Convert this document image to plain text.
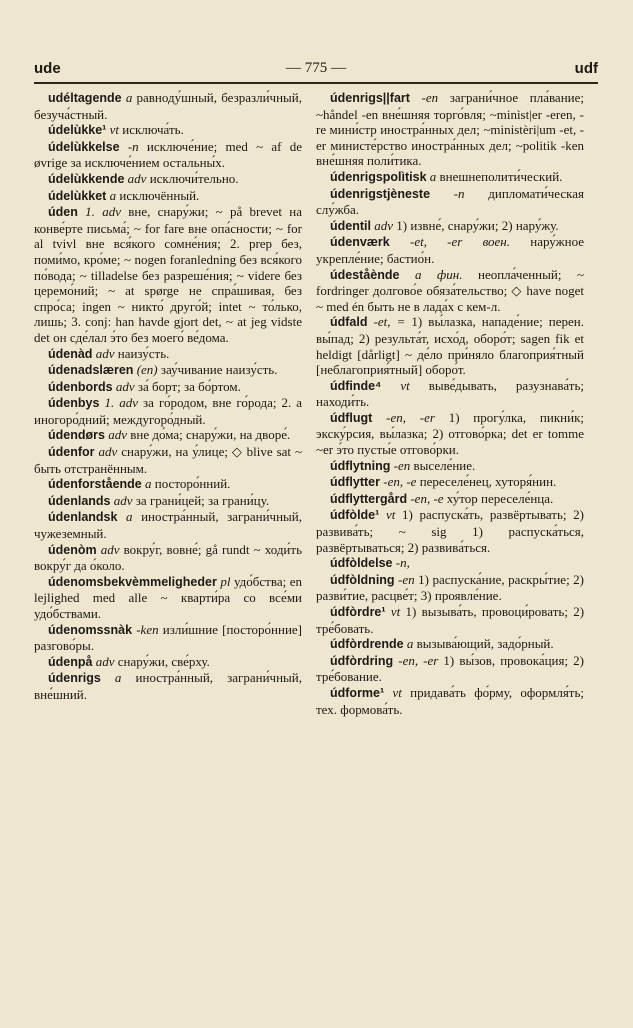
ude	— 775 —	udf
udéltagende a равноду́шный, безразли́чный, безуча́стный.
údelùkke¹ vt исключа́ть.
údelùkkelse -n исключе́ние; med ~ af de øvrige за исключе́нием остальны́х.
údelùkkende adv исключи́тельно.
údelùkket a исключённый.
úden 1. adv вне, снару́жи; ~ på brevet на конве́рте письма́; ~ for fare вне опа́сности; ~ for al tvivl вне вся́кого сомне́ния; 2. prep без, поми́мо, кро́ме; ~ nogen foranledning без вся́кого по́вода; ~ tilladelse без разреше́ния; ~ videre без церемо́ний; ~ at spørge не спра́шивая, без спро́са; ingen ~ никто́ друго́й; intet ~ то́лько, лишь; 3. conj: han havde gjort det, ~ at jeg vidste det он сде́лал э́то без моего́ ве́дома.
údenàd adv наизу́сть.
údenadslæren (en) зау́чивание наизу́сть.
údenbords adv за́ борт; за бо́ртом.
údenbys 1. adv за го́родом, вне го́рода; 2. a иногоро́дний; междугоро́дный.
údendørs adv вне до́ма; снару́жи, на дворе́.
údenfor adv снару́жи, на у́лице; ◇ blive sat ~ быть отстранённым.
údenforstående a посторо́нний.
údenlands adv за грани́цей; за грани́цу.
údenlandsk a иностра́нный, заграни́чный, чужеземный.
údenòm adv вокру́г, вовне́; gå rundt ~ ходи́ть вокру́г да о́коло.
údenomsbekvèmmeligheder pl удо́бства; en lejlighed med alle ~ кварти́ра со все́ми удо́бствами.
údenomssnàk -ken изли́шние [посторо́нние] разгово́ры.
údenpå adv снару́жи, све́рху.
údenrigs a иностра́нный, заграни́чный, вне́шний.
údenrigs||fart -en заграни́чное пла́вание; ~håndel -en вне́шняя торго́вля; ~minìst|er -eren, -re мини́стр иностра́нных дел; ~ministèri|um -et, -er министе́рство иностра́нных дел; ~politik -ken вне́шняя поли́тика.
údenrigspolìtisk a внешнеполити́ческий.
údenrigstjèneste -n дипломати́ческая слу́жба.
údentil adv 1) извне́, снару́жи; 2) нару́жу.
údenværk -et, -er воен. нару́жное укрепле́ние; бастио́н.
údeståènde a фин. неопла́ченный; ~ fordringer долгово́е обяза́тельство; ◇ have noget ~ med én быть не в лада́х с кем-л.
údfald -et, = 1) вы́лазка, нападе́ние; перен. вы́пад; 2) результа́т, исхо́д, оборо́т; sagen fik et heldigt [dårligt] ~ де́ло при́няло благоприя́тный [неблагоприя́тный] оборо́т.
údfinde⁴ vt выве́дывать, разузнава́ть; находи́ть.
údflugt -en, -er 1) прогу́лка, пикни́к; экску́рсия, вы́лазка; 2) отгово́рка; det er tomme ~er э́то пусты́е отгово́рки.
údflytning -en выселе́ние.
údflytter -en, -e переселе́нец, хуторя́нин.
údflyttergård -en, -e ху́тор переселе́нца.
údfòlde¹ vt 1) распуска́ть, развёртывать; 2) развива́ть; ~ sig 1) распуска́ться, развёртываться; 2) развива́ться.
údfòldelse -n,
údfòldning -en 1) распуска́ние, раскры́тие; 2) разви́тие, расцве́т; 3) проявле́ние.
údfòrdre¹ vt 1) вызыва́ть, провоци́ровать; 2) тре́бовать.
údfòrdrende a вызыва́ющий, задо́рный.
údfòrdring -en, -er 1) вы́зов, провока́ция; 2) тре́бование.
údforme¹ vt придава́ть фо́рму, оформля́ть; тех. формова́ть.
